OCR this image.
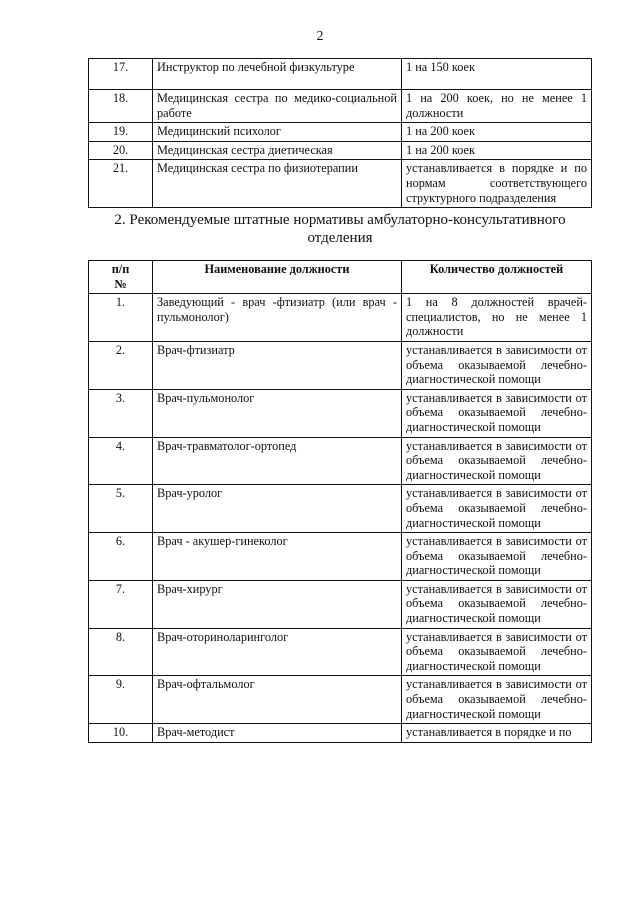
2
17.	Инструктор по лечебной физкультуре	1 на 150 коек
18.	Медицинская сестра по медико-социальной работе	1 на 200 коек, но не менее 1 должности
19.	Медицинский психолог	1 на 200 коек
20.	Медицинская сестра диетическая	1 на 200 коек
21.	Медицинская сестра по физиотерапии	устанавливается в порядке и по нормам соответствующего структурного подразделения
2. Рекомендуемые штатные нормативы амбулаторно-консультативного
отделения
п/п
№	Наименование должности	Количество должностей
1.	Заведующий - врач -фтизиатр (или врач - пульмонолог)	1 на 8 должностей врачей-специалистов, но не менее 1 должности
2.	Врач-фтизиатр	устанавливается в зависимости от объема оказываемой лечебно-диагностической помощи
3.	Врач-пульмонолог	устанавливается в зависимости от объема оказываемой лечебно-диагностической помощи
4.	Врач-травматолог-ортопед	устанавливается в зависимости от объема оказываемой лечебно-диагностической помощи
5.	Врач-уролог	устанавливается в зависимости от объема оказываемой лечебно-диагностической помощи
6.	Врач - акушер-гинеколог	устанавливается в зависимости от объема оказываемой лечебно-диагностической помощи
7.	Врач-хирург	устанавливается в зависимости от объема оказываемой лечебно-диагностической помощи
8.	Врач-оториноларинголог	устанавливается в зависимости от объема оказываемой лечебно-диагностической помощи
9.	Врач-офтальмолог	устанавливается в зависимости от объема оказываемой лечебно-диагностической помощи
10.	Врач-методист	устанавливается в порядке и по
